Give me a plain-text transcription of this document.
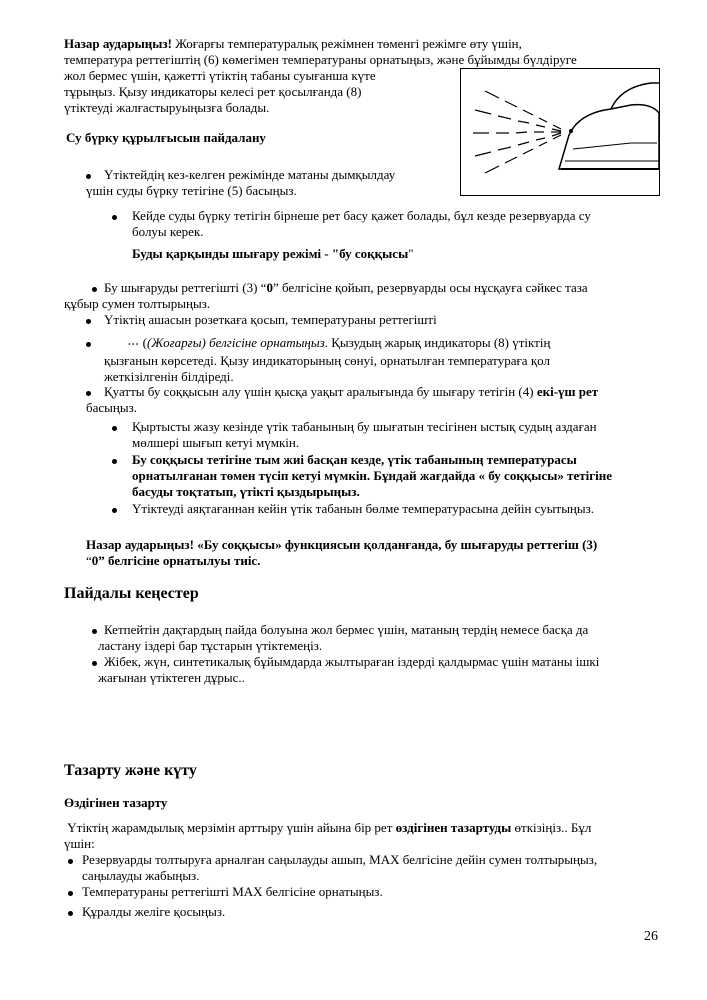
Назар аударыңыз! Жоғарғы температуралық режімнен төменгі режімге өту үшін,

температура реттегіштің (6) көмегімен температураны орнатыңыз, және бұйымды бүлдіруге

жол бермес үшін, қажетті үтіктің табаны суығанша күте

тұрыңыз. Қызу индикаторы келесі рет қосылғанда (8)

үтіктеуді жалғастыруыңызға болады.

Су бүрку құрылғысын пайдалану

Үтіктейдің кез-келген режімінде матаны дымқылдау

үшін суды бүрку тетігіне (5) басыңыз.

Кейде суды бүрку тетігін бірнеше рет басу қажет болады, бұл кезде резервуарда су

болуы керек.

Буды қарқынды шығару режімі - "бу соққысы"

Бу шығаруды реттегішті (3) “0” белгісіне қойып, резервуарды осы нұсқауға сәйкес таза

құбыр сумен толтырыңыз.

Үтіктің ашасын розеткаға қосып, температураны реттегішті

••• ((Жоғарғы) белгісіне орнатыңыз. Қызудың жарық индикаторы (8) үтіктің

қызғанын көрсетеді. Қызу индикаторының сөнуі, орнатылған температураға қол

жеткізілгенін білдіреді.

Қуатты бу соққысын алу үшін қысқа уақыт аралығында бу шығару тетігін (4) екі-үш рет

басыңыз.

Қыртысты жазу кезінде үтік табанының бу шығатын тесігінен ыстық судың аздаған

мөлшері шығып кетуі мүмкін.

Бу соққысы тетігіне тым жиі басқан кезде, үтік табанының температурасы

орнатылғанан төмен түсіп кетуі мүмкін. Бұндай жағдайда « бу соққысы» тетігіне

басуды тоқтатып, үтікті қыздырыңыз.

Үтіктеуді аяқтағаннан кейін үтік табанын бөлме температурасына дейін суытыңыз.

Назар аударыңыз! «Бу соққысы» функциясын қолданғанда, бу шығаруды реттегіш (3)

“0” белгісіне орнатылуы тиіс.

Пайдалы кеңестер

Кетпейтін дақтардың пайда болуына жол бермес үшін, матаның тердің немесе басқа да

ластану іздері бар тұстарын үтіктемеңіз.

Жібек, жүн, синтетикалық бұйымдарда жылтыраған іздерді қалдырмас үшін матаны ішкі

жағынан үтіктеген дұрыс..

Тазарту және күту
Өздігінен тазарту

Үтіктің жарамдылық мерзімін арттыру үшін айына бір рет өздігінен тазартуды өткізіңіз.. Бұл

үшін:

Резервуарды толтыруға арналған саңылауды ашып, MAX белгісіне дейін сумен толтырыңыз,

саңылауды жабыңыз.

Температураны реттегішті MAX белгісіне орнатыңыз.

Құралды желіге қосыңыз.

26
